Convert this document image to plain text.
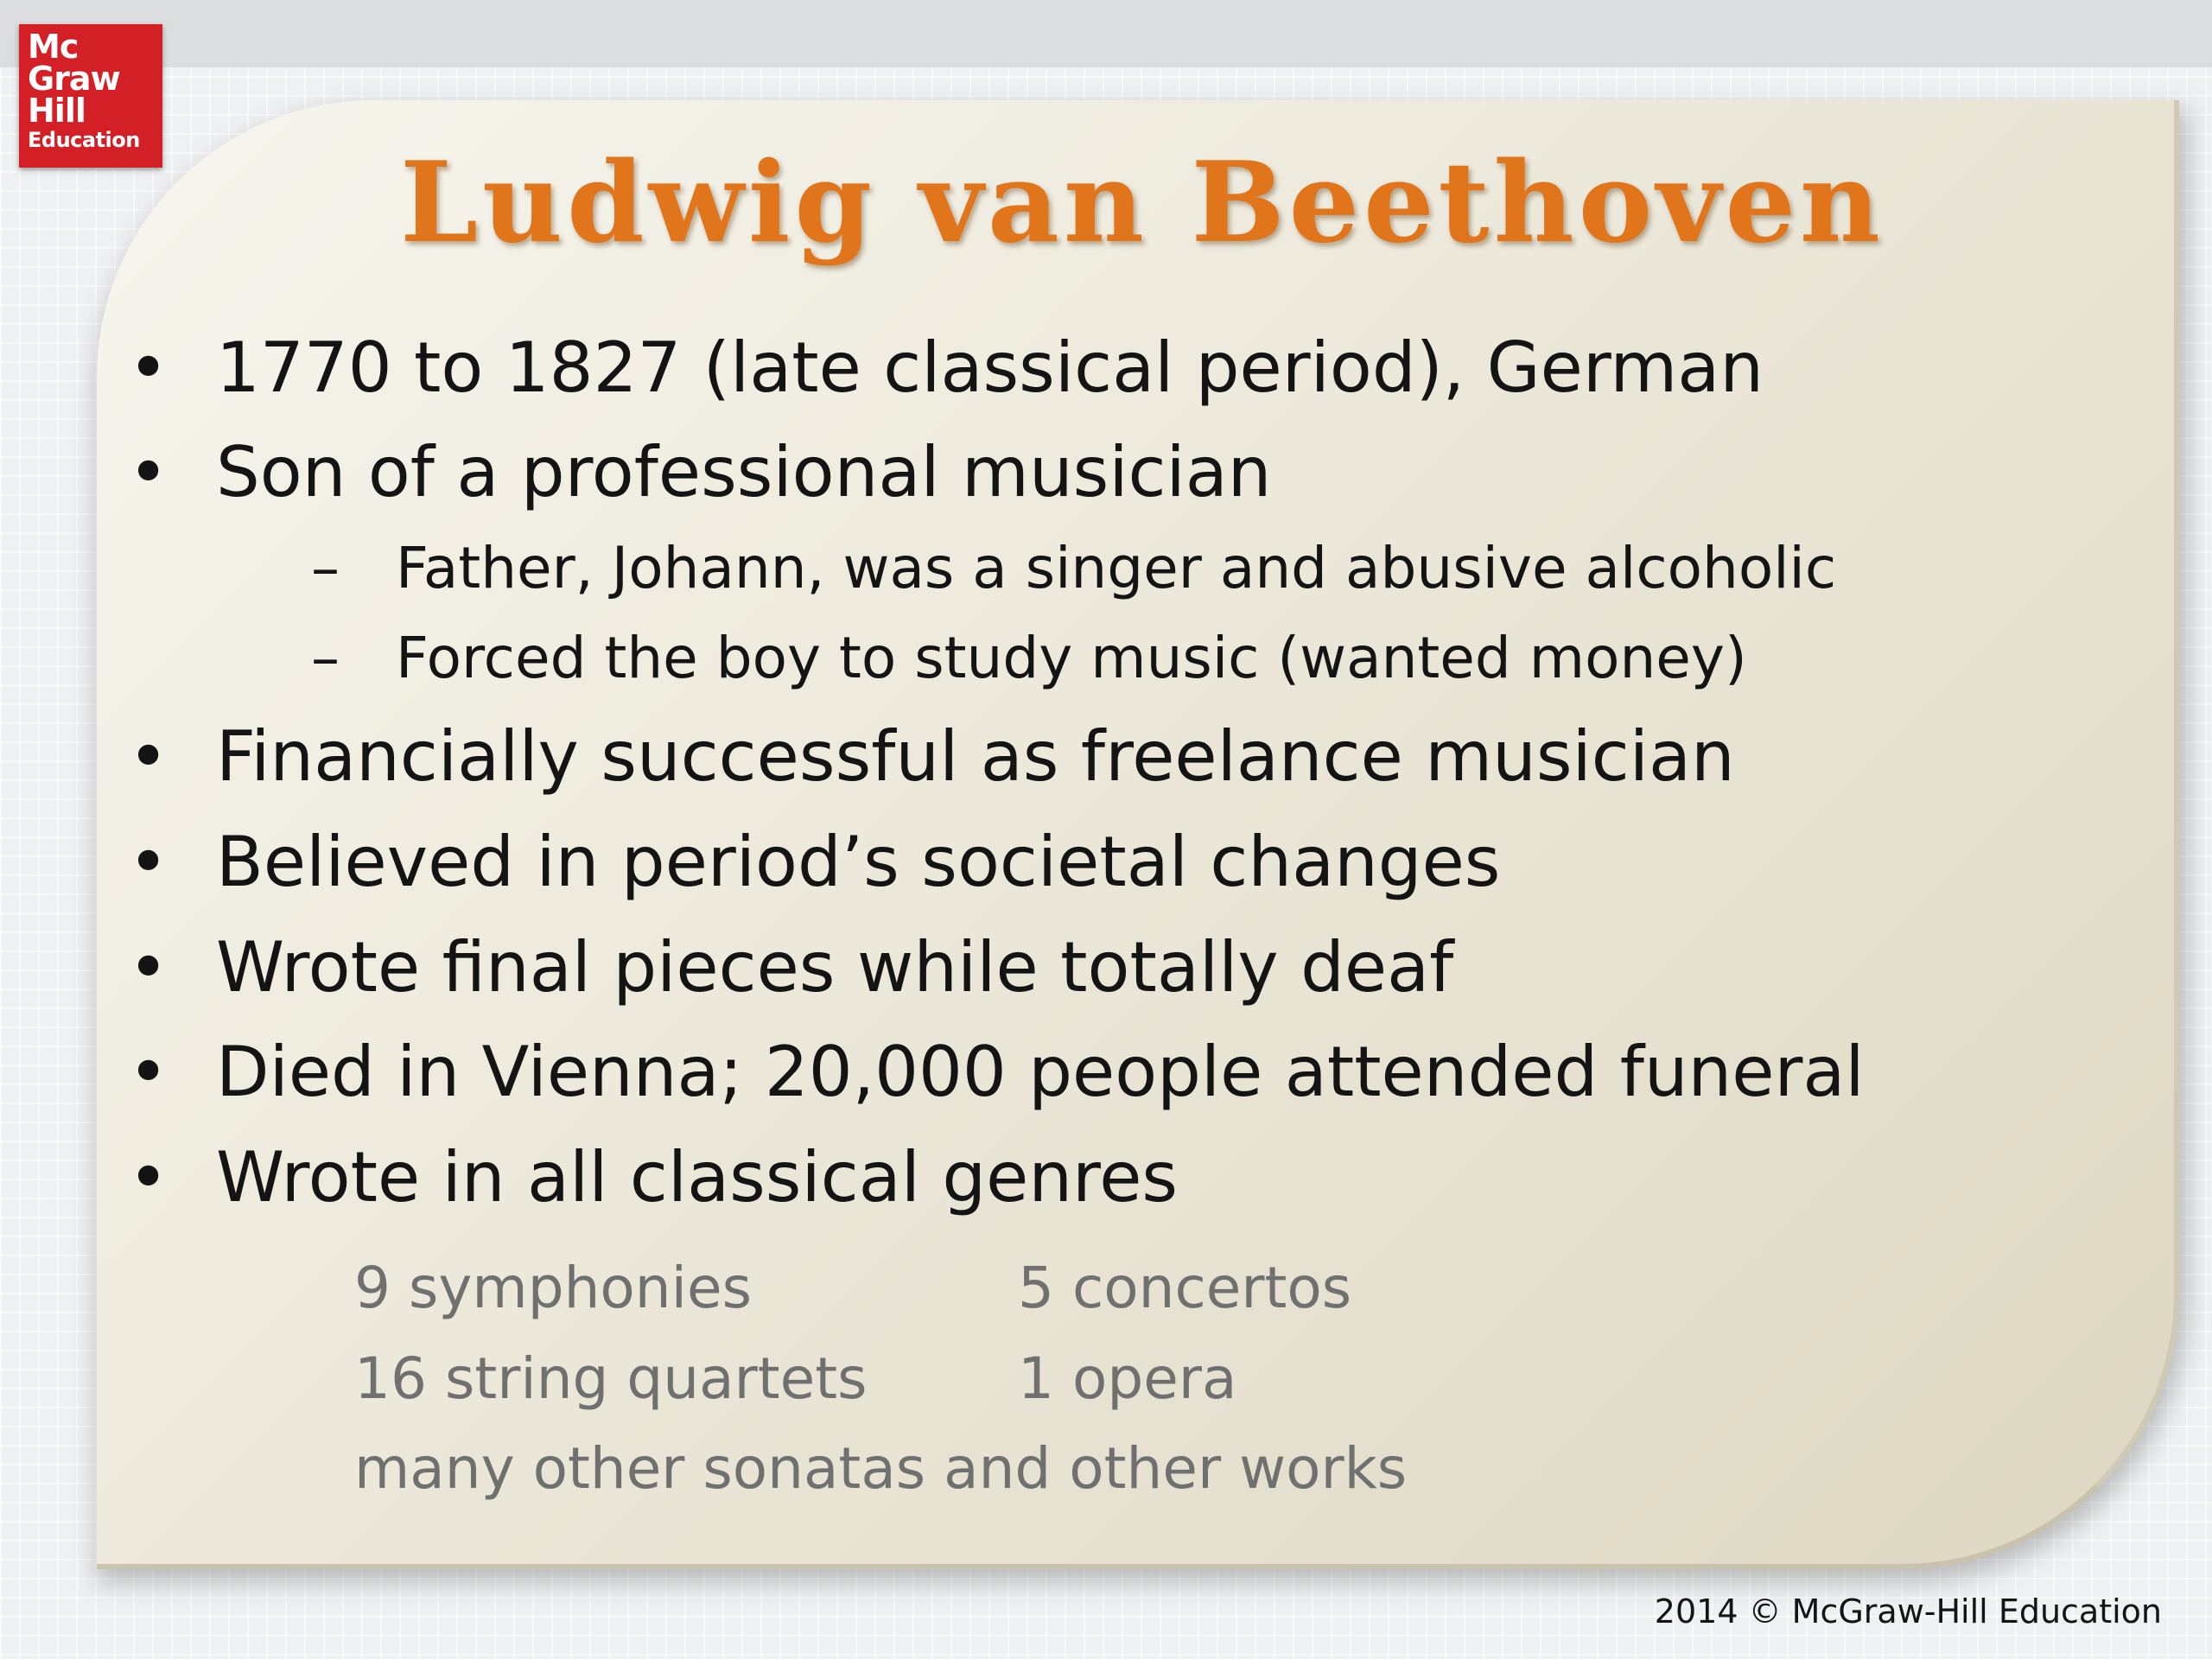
Mc
Graw
Hill
Education	Ludwig van Beethoven
• 1770 to 1827 (late classical period), German
• Son of a professional musician
– Father, Johann, was a singer and abusive alcoholic
– Forced the boy to study music (wanted money)
• Financially successful as freelance musician
• Believed in period’s societal changes
• Wrote final pieces while totally deaf
• Died in Vienna; 20,000 people attended funeral
• Wrote in all classical genres
9 symphonies	5 concertos
16 string quartets	1 opera
many other sonatas and other works
2014 © McGraw-Hill Education
